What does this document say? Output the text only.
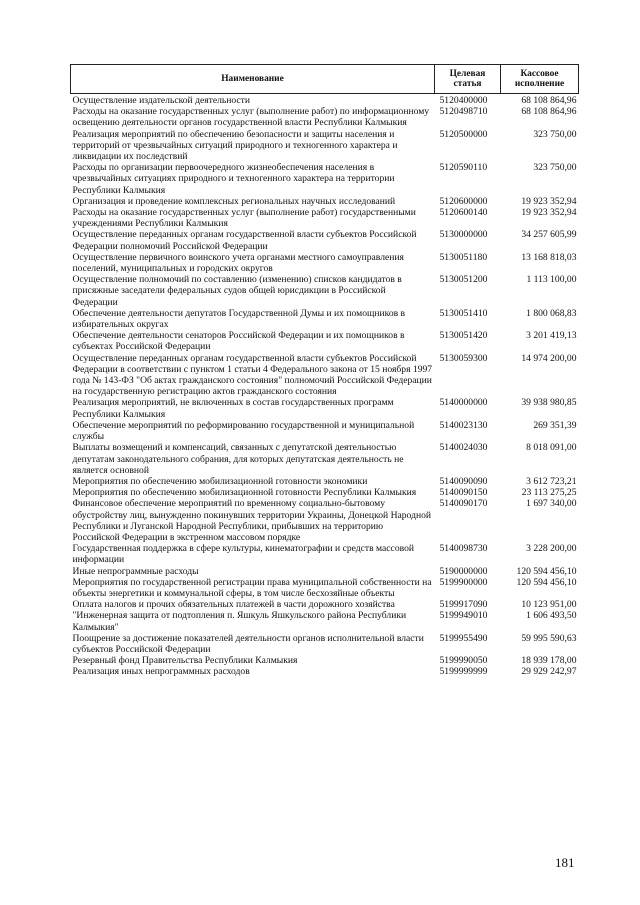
Наименование	Целевая статья	Кассовое исполнение
Осуществление издательской деятельности	5120400000	68 108 864,96
Расходы на оказание государственных услуг (выполнение работ) по информационному освещению деятельности органов государственной власти Республики Калмыкия	5120498710	68 108 864,96
Реализация мероприятий по обеспечению безопасности и защиты населения и территорий от чрезвычайных ситуаций природного и техногенного характера и ликвидации их последствий	5120500000	323 750,00
Расходы по организации первоочередного жизнеобеспечения населения в чрезвычайных ситуациях природного и техногенного характера на территории Республики Калмыкия	5120590110	323 750,00
Организация и проведение комплексных региональных научных исследований	5120600000	19 923 352,94
Расходы на оказание государственных услуг (выполнение работ) государственными учреждениями Республики Калмыкия	5120600140	19 923 352,94
Осуществление переданных органам государственной власти субъектов Российской Федерации полномочий Российской Федерации	5130000000	34 257 605,99
Осуществление первичного воинского учета органами местного самоуправления поселений, муниципальных и городских округов	5130051180	13 168 818,03
Осуществление полномочий по составлению (изменению) списков кандидатов в присяжные заседатели федеральных судов общей юрисдикции в Российской Федерации	5130051200	1 113 100,00
Обеспечение деятельности депутатов Государственной Думы и их помощников в избирательных округах	5130051410	1 800 068,83
Обеспечение деятельности сенаторов Российской Федерации и их помощников в субъектах Российской Федерации	5130051420	3 201 419,13
Осуществление переданных органам государственной власти субъектов Российской Федерации в соответствии с пунктом 1 статьи 4 Федерального закона от 15 ноября 1997 года № 143-ФЗ "Об актах гражданского состояния" полномочий Российской Федерации на государственную регистрацию актов гражданского состояния	5130059300	14 974 200,00
Реализация мероприятий, не включенных в состав государственных программ Республики Калмыкия	5140000000	39 938 980,85
Обеспечение мероприятий по реформированию государственной и муниципальной службы	5140023130	269 351,39
Выплаты возмещений и компенсаций, связанных с депутатской деятельностью депутатам законодательного собрания, для которых депутатская деятельность не является основной	5140024030	8 018 091,00
Мероприятия по обеспечению мобилизационной готовности экономики	5140090090	3 612 723,21
Мероприятия по обеспечению мобилизационной готовности Республики Калмыкия	5140090150	23 113 275,25
Финансовое обеспечение мероприятий по временному социально-бытовому обустройству лиц, вынужденно покинувших территории Украины, Донецкой Народной Республики и Луганской Народной Республики, прибывших на территорию Российской Федерации в экстренном массовом порядке	5140090170	1 697 340,00
Государственная поддержка в сфере культуры, кинематографии и средств массовой информации	5140098730	3 228 200,00
Иные непрограммные расходы	5190000000	120 594 456,10
Мероприятия по государственной регистрации права муниципальной собственности на объекты энергетики и коммунальной сферы, в том числе бесхозяйные объекты	5199900000	120 594 456,10
Оплата налогов и прочих обязательных платежей в части дорожного хозяйства	5199917090	10 123 951,00
"Инженерная защита от подтопления п. Яшкуль Яшкульского района Республики Калмыкия"	5199949010	1 606 493,50
Поощрение за достижение показателей деятельности органов исполнительной власти субъектов Российской Федерации	5199955490	59 995 590,63
Резервный фонд Правительства Республики Калмыкия	5199990050	18 939 178,00
Реализация иных непрограммных расходов	5199999999	29 929 242,97
181
